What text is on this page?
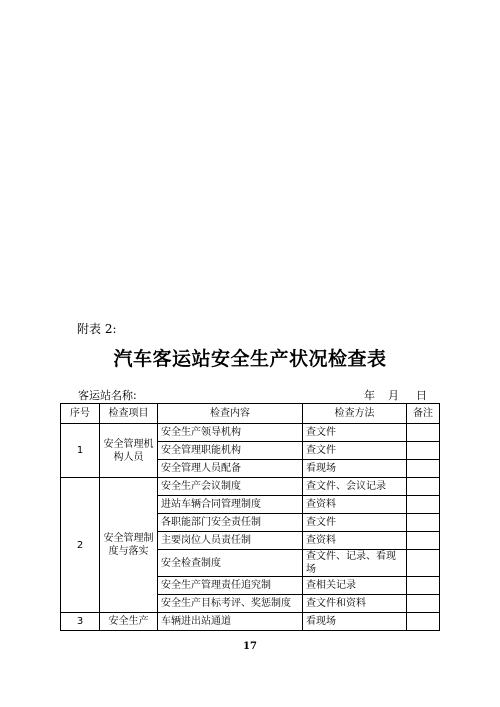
附表 2:
汽车客运站安全生产状况检查表
客运站名称:	年 月 日
序号	检查项目	检查内容	检查方法	备注
1	安全管理机构人员	安全生产领导机构	查文件	
		安全管理职能机构	查文件	
		安全管理人员配备	看现场	
2	安全管理制度与落实	安全生产会议制度	查文件、会议记录	
		进站车辆合同管理制度	查资料	
		各职能部门安全责任制	查文件	
		主要岗位人员责任制	查资料	
		安全检查制度	查文件、记录、看现场	
		安全生产管理责任追究制	查相关记录	
		安全生产目标考评、奖惩制度	查文件和资料	
3	安全生产	车辆进出站通道	看现场	
17
